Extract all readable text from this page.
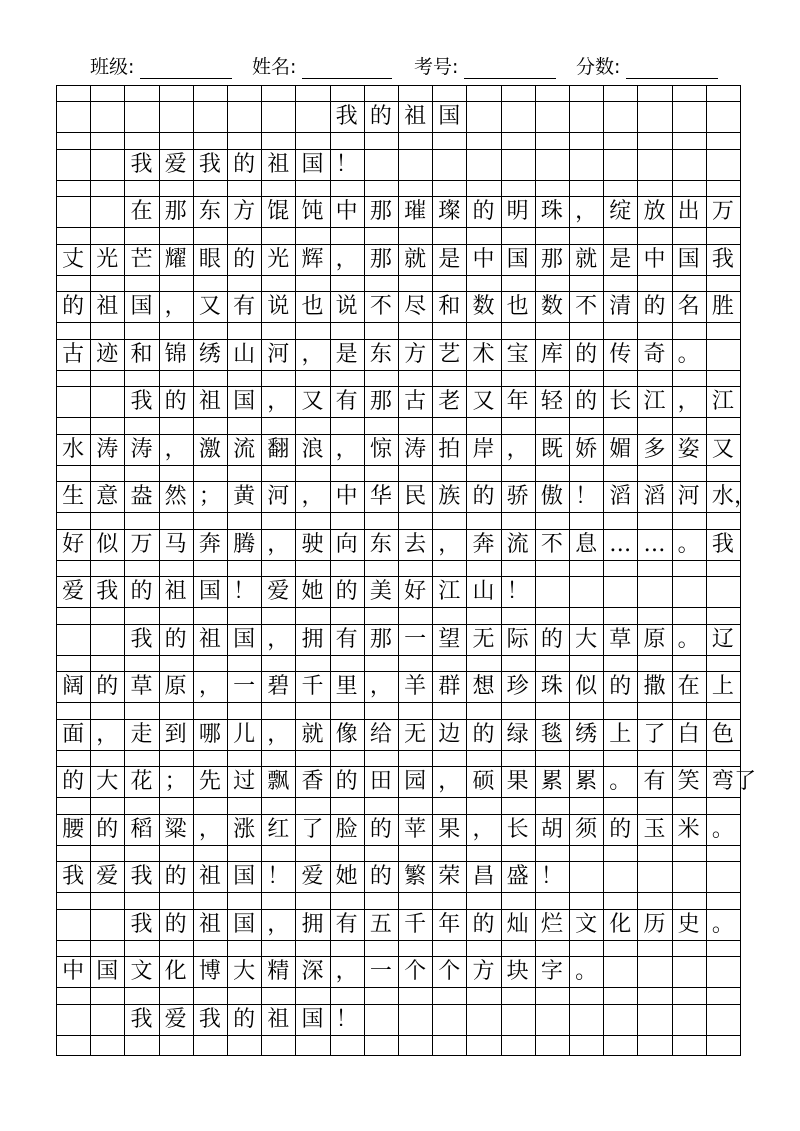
班级:	姓名:	考号:	分数:
我 的 祖 国
我 爱 我 的 祖 国 ！
在 那 东 方 馄 饨 中 那 璀 璨 的 明 珠 ， 绽 放 出 万
丈 光 芒 耀 眼 的 光 辉 ， 那 就 是 中 国 那 就 是 中 国 我
的 祖 国 ， 又 有 说 也 说 不 尽 和 数 也 数 不 清 的 名 胜
古 迹 和 锦 绣 山 河 ， 是 东 方 艺 术 宝 库 的 传 奇 。
我 的 祖 国 ， 又 有 那 古 老 又 年 轻 的 长 江 ， 江
水 涛 涛 ， 激 流 翻 浪 ， 惊 涛 拍 岸 ， 既 娇 媚 多 姿 又
生 意 盎 然 ； 黄 河 ， 中 华 民 族 的 骄 傲 ！ 滔 滔 河 水 ，
好 似 万 马 奔 腾 ， 驶 向 东 去 ， 奔 流 不 息 … … 。 我
爱 我 的 祖 国 ！ 爱 她 的 美 好 江 山 ！
我 的 祖 国 ， 拥 有 那 一 望 无 际 的 大 草 原 。 辽
阔 的 草 原 ， 一 碧 千 里 ， 羊 群 想 珍 珠 似 的 撒 在 上
面 ， 走 到 哪 儿 ， 就 像 给 无 边 的 绿 毯 绣 上 了 白 色
的 大 花 ； 先 过 飘 香 的 田 园 ， 硕 果 累 累 。 有 笑 弯 了
腰 的 稻 粱 ， 涨 红 了 脸 的 苹 果 ， 长 胡 须 的 玉 米 。
我 爱 我 的 祖 国 ！ 爱 她 的 繁 荣 昌 盛 ！
我 的 祖 国 ， 拥 有 五 千 年 的 灿 烂 文 化 历 史 。
中 国 文 化 博 大 精 深 ， 一 个 个 方 块 字 。
我 爱 我 的 祖 国 ！
